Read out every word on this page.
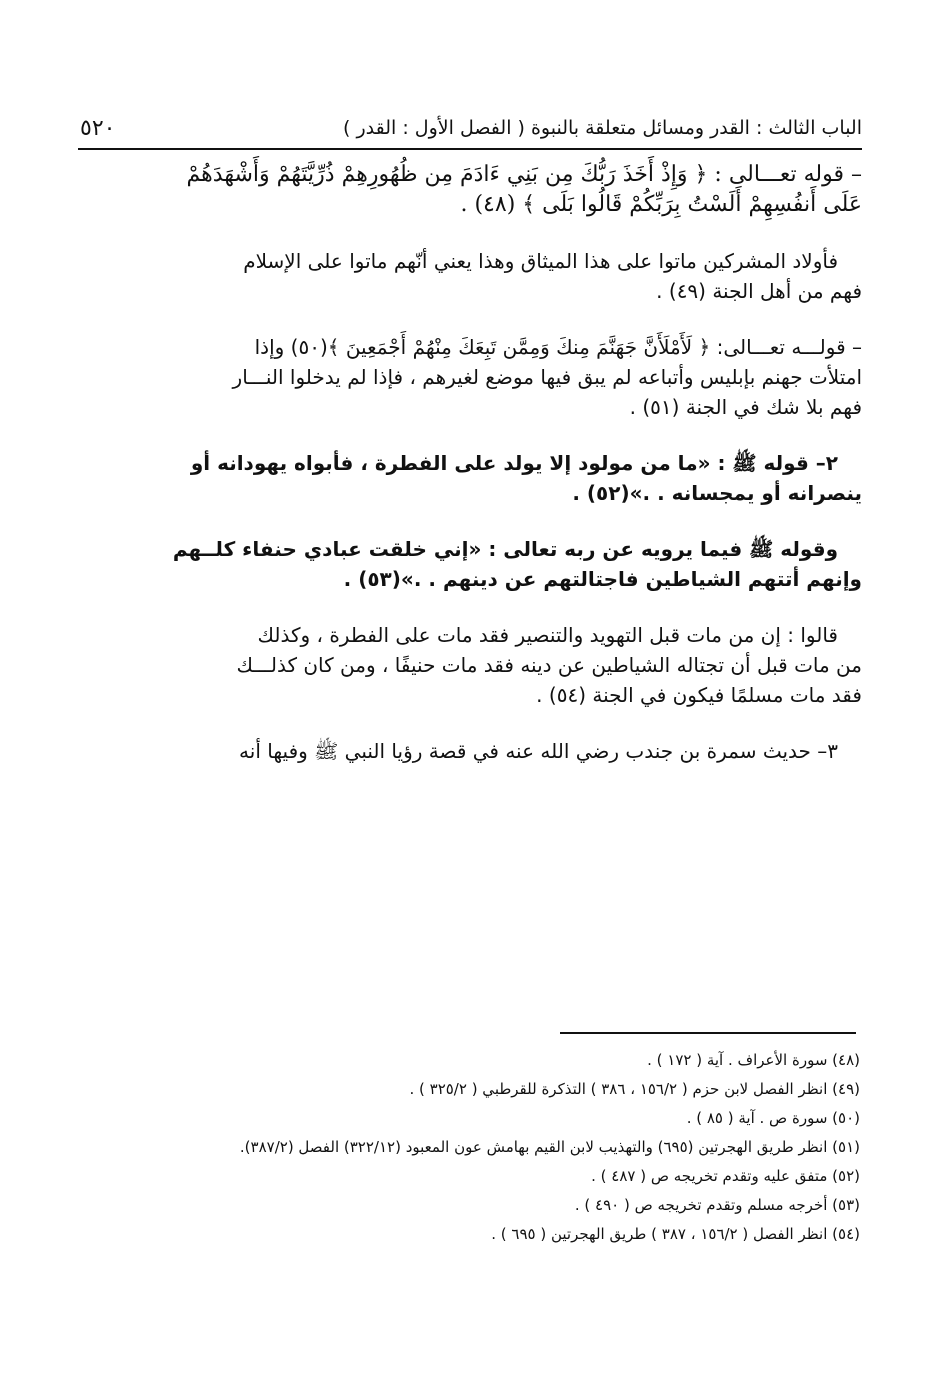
الباب الثالث : القدر ومسائل متعلقة بالنبوة ( الفصل الأول : القدر )
٥٢٠
– قوله تعـــالى : ﴿ وَإِذْ أَخَذَ رَبُّكَ مِن بَنِي ءَادَمَ مِن ظُهُورِهِمْ ذُرِّيَّتَهُمْ وَأَشْهَدَهُمْ
عَلَى أَنفُسِهِمْ أَلَسْتُ بِرَبِّكُمْ قَالُوا بَلَى ﴾ (٤٨) .
فأولاد المشركين ماتوا على هذا الميثاق وهذا يعني أنّهم ماتوا على الإسلام
فهم من أهل الجنة (٤٩) .
– قولـــه تعـــالى: ﴿ لَأَمْلَأَنَّ جَهَنَّمَ مِنكَ وَمِمَّن تَبِعَكَ مِنْهُمْ أَجْمَعِينَ ﴾(٥٠) وإذا
امتلأت جهنم بإبليس وأتباعه لم يبق فيها موضع لغيرهم ، فإذا لم يدخلوا النـــار
فهم بلا شك في الجنة (٥١) .
٢– قوله ﷺ : «ما من مولود إلا يولد على الفطرة ، فأبواه يهودانه أو
ينصرانه أو يمجسانه . .»(٥٢) .
وقوله ﷺ فيما يرويه عن ربه تعالى : «إني خلقت عبادي حنفاء كلــهم
وإنهم أتتهم الشياطين فاجتالتهم عن دينهم . .»(٥٣) .
قالوا : إن من مات قبل التهويد والتنصير فقد مات على الفطرة ، وكذلك
من مات قبل أن تجتاله الشياطين عن دينه فقد مات حنيفًا ، ومن كان كذلـــك
فقد مات مسلمًا فيكون في الجنة (٥٤) .
٣– حديث سمرة بن جندب رضي الله عنه في قصة رؤيا النبي ﷺ وفيها أنه
(٤٨) سورة الأعراف . آية ( ١٧٢ ) .
(٤٩) انظر الفصل لابن حزم ( ١٥٦/٢ ، ٣٨٦ ) التذكرة للقرطبي ( ٣٢٥/٢ ) .
(٥٠) سورة ص . آية ( ٨٥ ) .
(٥١) انظر طريق الهجرتين (٦٩٥) والتهذيب لابن القيم بهامش عون المعبود (٣٢٢/١٢) الفصل (٣٨٧/٢).
(٥٢) متفق عليه وتقدم تخريجه ص ( ٤٨٧ ) .
(٥٣) أخرجه مسلم وتقدم تخريجه ص ( ٤٩٠ ) .
(٥٤) انظر الفصل ( ١٥٦/٢ ، ٣٨٧ ) طريق الهجرتين ( ٦٩٥ ) .
